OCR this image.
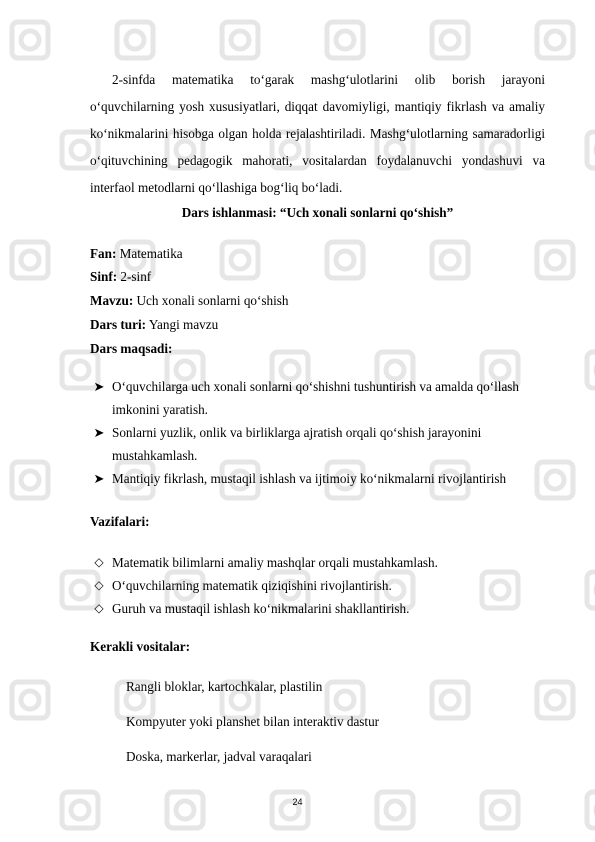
2-sinfda matematika to‘garak mashg‘ulotlarini olib borish jarayoni o‘quvchilarning yosh xususiyatlari, diqqat davomiyligi, mantiqiy fikrlash va amaliy ko‘nikmalarini hisobga olgan holda rejalashtiriladi. Mashg‘ulotlarning samaradorligi o‘qituvchining pedagogik mahorati, vositalardan foydalanuvchi yondashuvi va interfaol metodlarni qo‘llashiga bog‘liq bo‘ladi.

Dars ishlanmasi: “Uch xonali sonlarni qo‘shish”

Fan: Matematika

Sinf: 2-sinf

Mavzu: Uch xonali sonlarni qo‘shish

Dars turi: Yangi mavzu

Dars maqsadi:

➤ O‘quvchilarga uch xonali sonlarni qo‘shishni tushuntirish va amalda qo‘llash imkonini yaratish.
➤ Sonlarni yuzlik, onlik va birliklarga ajratish orqali qo‘shish jarayonini mustahkamlash.
➤ Mantiqiy fikrlash, mustaqil ishlash va ijtimoiy ko‘nikmalarni rivojlantirish

Vazifalari:

◇ Matematik bilimlarni amaliy mashqlar orqali mustahkamlash.
◇ O‘quvchilarning matematik qiziqishini rivojlantirish.
◇ Guruh va mustaqil ishlash ko‘nikmalarini shakllantirish.

Kerakli vositalar:

Rangli bloklar, kartochkalar, plastilin

Kompyuter yoki planshet bilan interaktiv dastur

Doska, markerlar, jadval varaqalari

24
